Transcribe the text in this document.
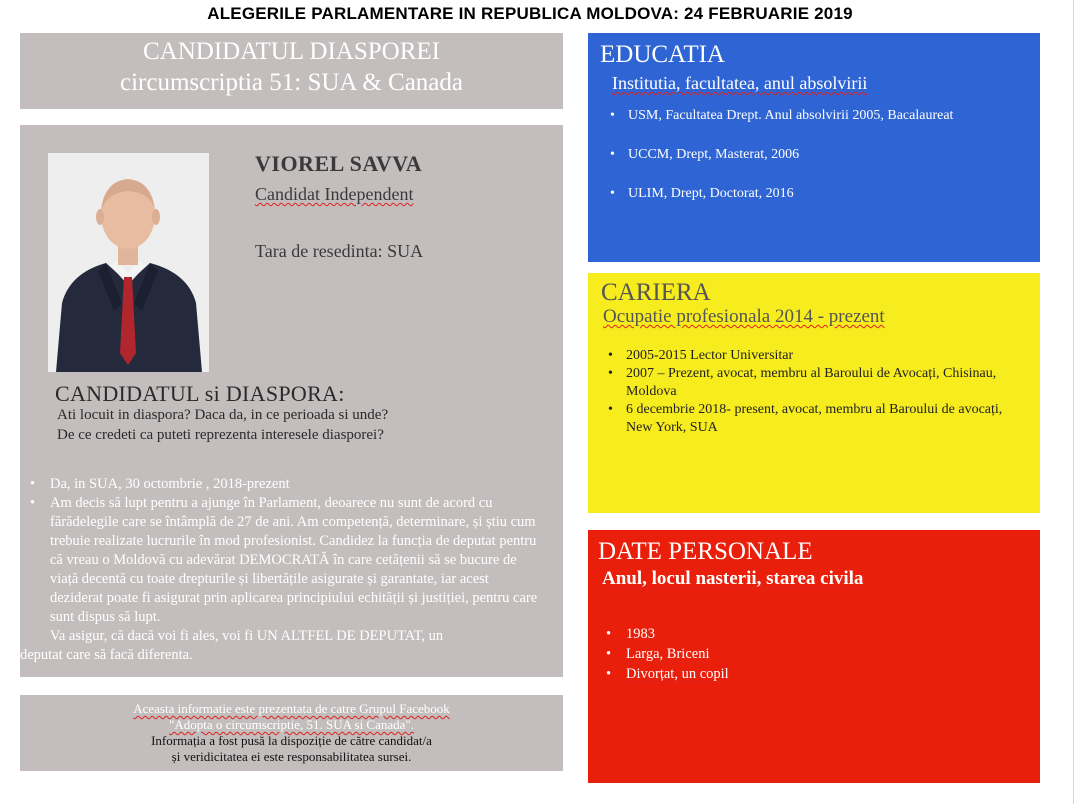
ALEGERILE PARLAMENTARE IN REPUBLICA MOLDOVA: 24 FEBRUARIE 2019
CANDIDATUL DIASPOREI
circumscriptia 51: SUA & Canada
VIOREL SAVVA
Candidat Independent
Tara de resedinta: SUA
CANDIDATUL si DIASPORA:
Ati locuit in diaspora? Daca da, in ce perioada si unde?
De ce credeti ca puteti reprezenta interesele diasporei?
• Da, in SUA, 30 octombrie , 2018-prezent
• Am decis să lupt pentru a ajunge în Parlament, deoarece nu sunt de acord cu fărădelegile care se întâmplă de 27 de ani. Am competență, determinare, și știu cum trebuie realizate lucrurile în mod profesionist. Candidez la funcția de deputat pentru că vreau o Moldovă cu adevărat DEMOCRATĂ în care cetățenii să se bucure de viață decentă cu toate drepturile și libertățile asigurate și garantate, iar acest deziderat poate fi asigurat prin aplicarea principiului echității și justiției, pentru care sunt dispus să lupt.
Va asigur, că dacă voi fi ales, voi fi UN ALTFEL DE DEPUTAT, un
deputat care să facă diferenta.
Aceasta informatie este prezentata de catre Grupul Facebook
"Adopta o circumscriptie, 51. SUA si Canada".
Informația a fost pusă la dispoziție de către candidat/a
și veridicitatea ei este responsabilitatea sursei.
EDUCATIA
Institutia, facultatea, anul absolvirii
• USM, Facultatea Drept. Anul absolvirii 2005, Bacalaureat
• UCCM, Drept, Masterat, 2006
• ULIM, Drept, Doctorat, 2016
CARIERA
Ocupatie profesionala 2014 - prezent
• 2005-2015 Lector Universitar
• 2007 – Prezent, avocat, membru al Baroului de Avocați, Chisinau, Moldova
• 6 decembrie 2018- present, avocat, membru al Baroului de avocați, New York, SUA
DATE PERSONALE
Anul, locul nasterii, starea civila
• 1983
• Larga, Briceni
• Divorțat, un copil
